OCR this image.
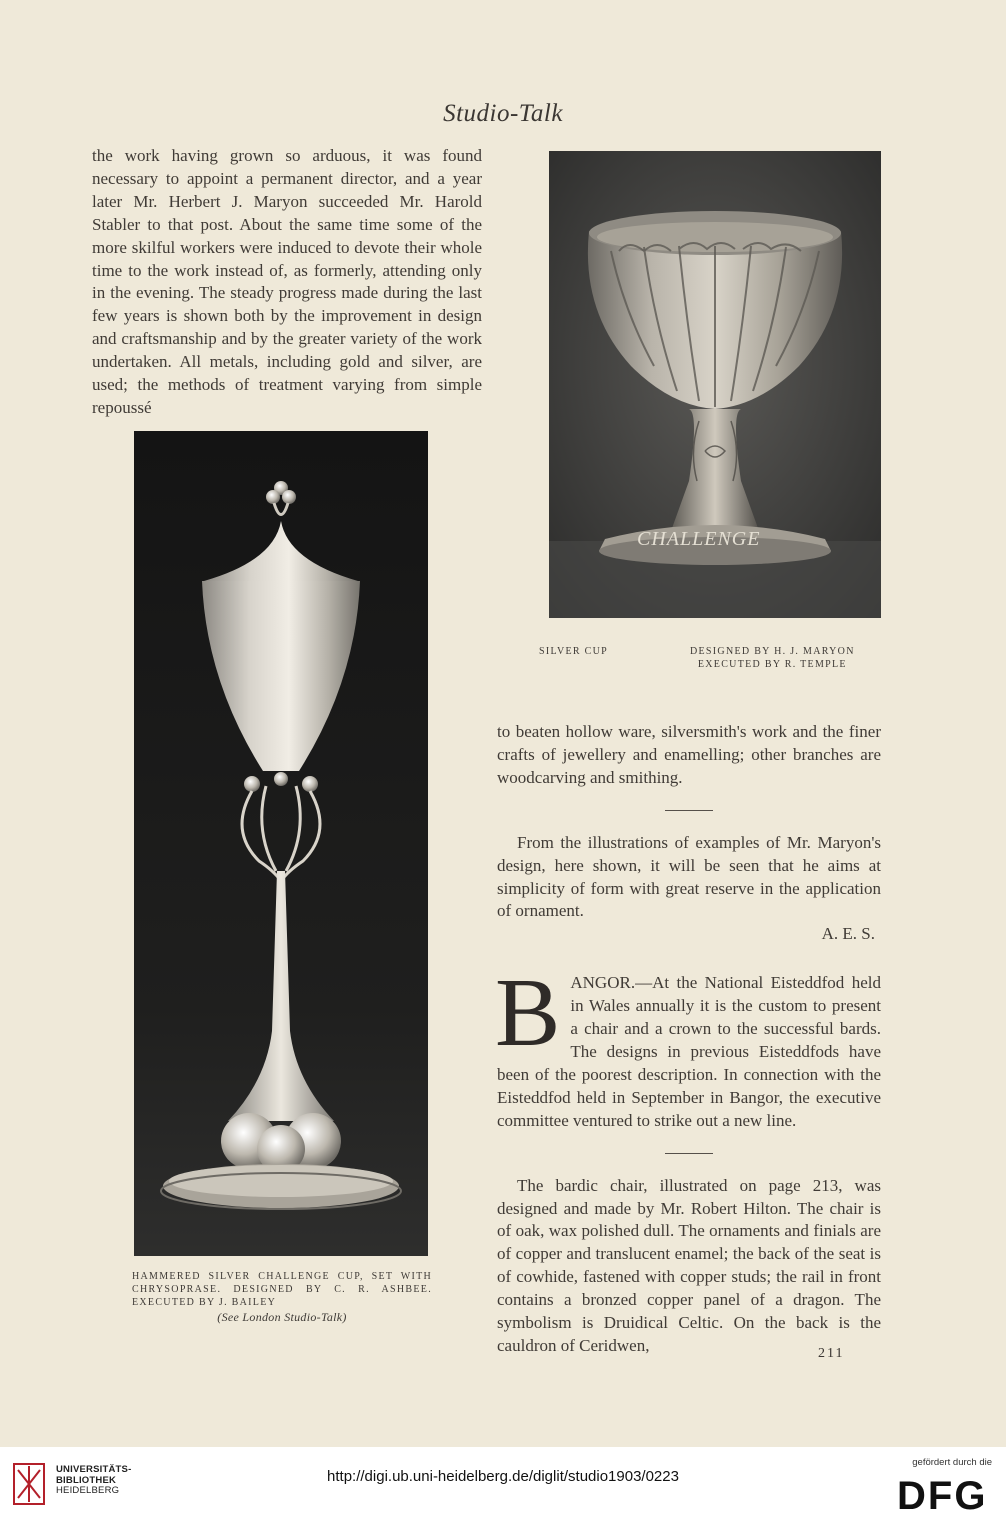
Studio-Talk

the work having grown so arduous, it was found necessary to appoint a permanent director, and a year later Mr. Herbert J. Maryon succeeded Mr. Harold Stabler to that post. About the same time some of the more skilful workers were induced to devote their whole time to the work instead of, as formerly, attending only in the evening. The steady progress made during the last few years is shown both by the improvement in design and craftsmanship and by the greater variety of the work undertaken. All metals, including gold and silver, are used; the methods of treatment varying from simple repoussé

CHALLENGE
SILVER CUP	DESIGNED BY H. J. MARYON
EXECUTED BY R. TEMPLE
HAMMERED SILVER CHALLENGE CUP, SET WITH CHRYSOPRASE. DESIGNED BY C. R. ASHBEE. EXECUTED BY J. BAILEY
(See London Studio-Talk)

to beaten hollow ware, silversmith's work and the finer crafts of jewellery and enamelling; other branches are woodcarving and smithing.

From the illustrations of examples of Mr. Maryon's design, here shown, it will be seen that he aims at simplicity of form with great reserve in the application of ornament.

A. E. S.

B ANGOR.—At the National Eisteddfod held in Wales annually it is the custom to present a chair and a crown to the successful bards. The designs in previous Eisteddfods have been of the poorest description. In connection with the Eisteddfod held in September in Bangor, the executive committee ventured to strike out a new line.

The bardic chair, illustrated on page 213, was designed and made by Mr. Robert Hilton. The chair is of oak, wax polished dull. The ornaments and finials are of copper and translucent enamel; the back of the seat is of cowhide, fastened with copper studs; the rail in front contains a bronzed copper panel of a dragon. The symbolism is Druidical Celtic. On the back is the cauldron of Ceridwen,	211
UNIVERSITÄTS-
BIBLIOTHEK
HEIDELBERG
http://digi.ub.uni-heidelberg.de/diglit/studio1903/0223
gefördert durch die
DFG
